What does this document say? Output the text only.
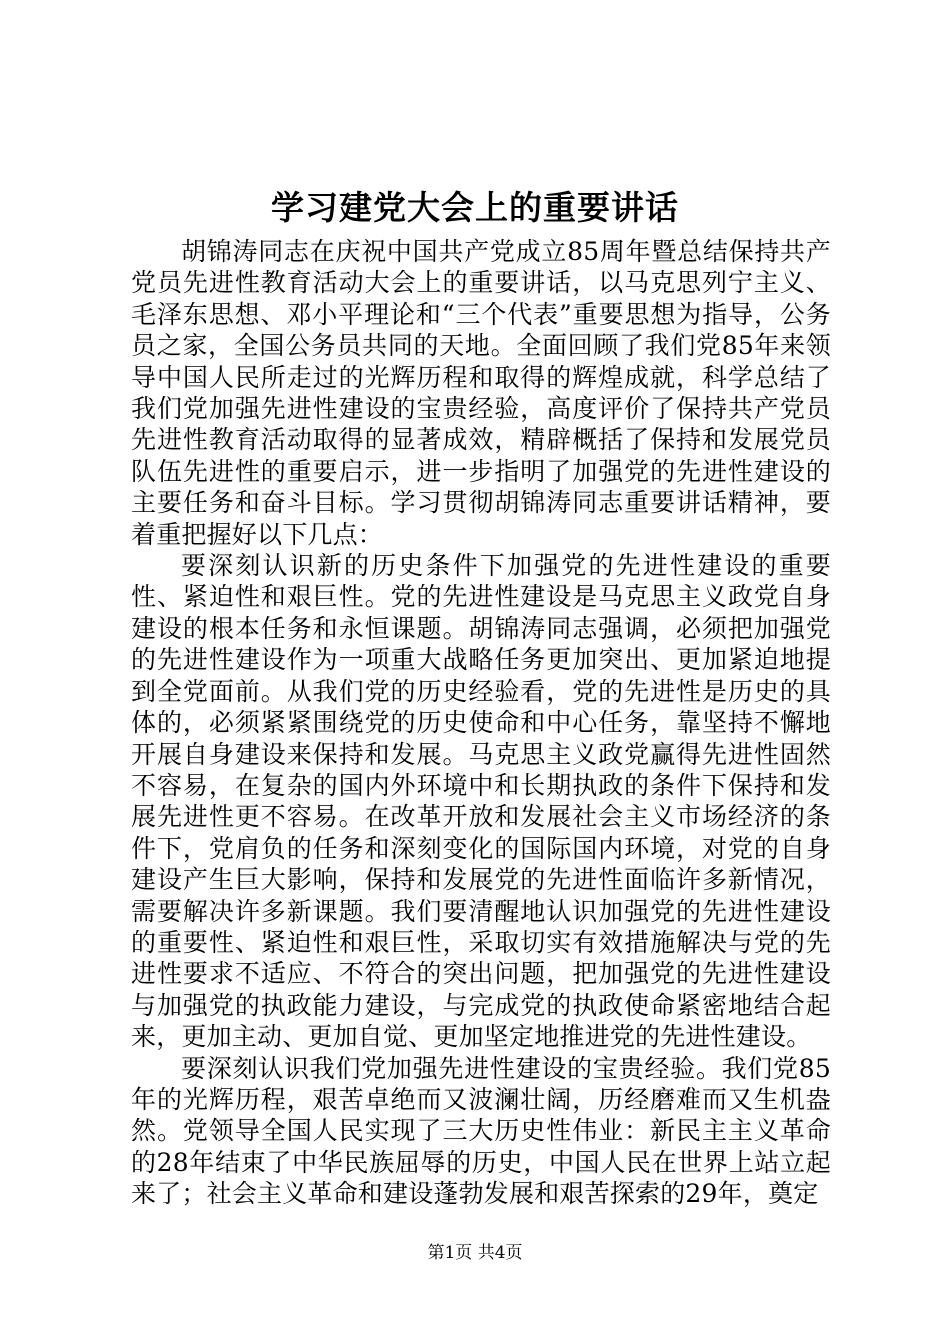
学习建党大会上的重要讲话

胡锦涛同志在庆祝中国共产党成立85周年暨总结保持共产党员先进性教育活动大会上的重要讲话，以马克思列宁主义、毛泽东思想、邓小平理论和“三个代表”重要思想为指导，公务员之家，全国公务员共同的天地。全面回顾了我们党85年来领导中国人民所走过的光辉历程和取得的辉煌成就，科学总结了我们党加强先进性建设的宝贵经验，高度评价了保持共产党员先进性教育活动取得的显著成效，精辟概括了保持和发展党员队伍先进性的重要启示，进一步指明了加强党的先进性建设的主要任务和奋斗目标。学习贯彻胡锦涛同志重要讲话精神，要着重把握好以下几点：

要深刻认识新的历史条件下加强党的先进性建设的重要性、紧迫性和艰巨性。党的先进性建设是马克思主义政党自身建设的根本任务和永恒课题。胡锦涛同志强调，必须把加强党的先进性建设作为一项重大战略任务更加突出、更加紧迫地提到全党面前。从我们党的历史经验看，党的先进性是历史的具体的，必须紧紧围绕党的历史使命和中心任务，靠坚持不懈地开展自身建设来保持和发展。马克思主义政党赢得先进性固然不容易，在复杂的国内外环境中和长期执政的条件下保持和发展先进性更不容易。在改革开放和发展社会主义市场经济的条件下，党肩负的任务和深刻变化的国际国内环境，对党的自身建设产生巨大影响，保持和发展党的先进性面临许多新情况，需要解决许多新课题。我们要清醒地认识加强党的先进性建设的重要性、紧迫性和艰巨性，采取切实有效措施解决与党的先进性要求不适应、不符合的突出问题，把加强党的先进性建设与加强党的执政能力建设，与完成党的执政使命紧密地结合起来，更加主动、更加自觉、更加坚定地推进党的先进性建设。

要深刻认识我们党加强先进性建设的宝贵经验。我们党85年的光辉历程，艰苦卓绝而又波澜壮阔，历经磨难而又生机盎然。党领导全国人民实现了三大历史性伟业：新民主主义革命的28年结束了中华民族屈辱的历史，中国人民在世界上站立起来了；社会主义革命和建设蓬勃发展和艰苦探索的29年，奠定

第1页 共4页
